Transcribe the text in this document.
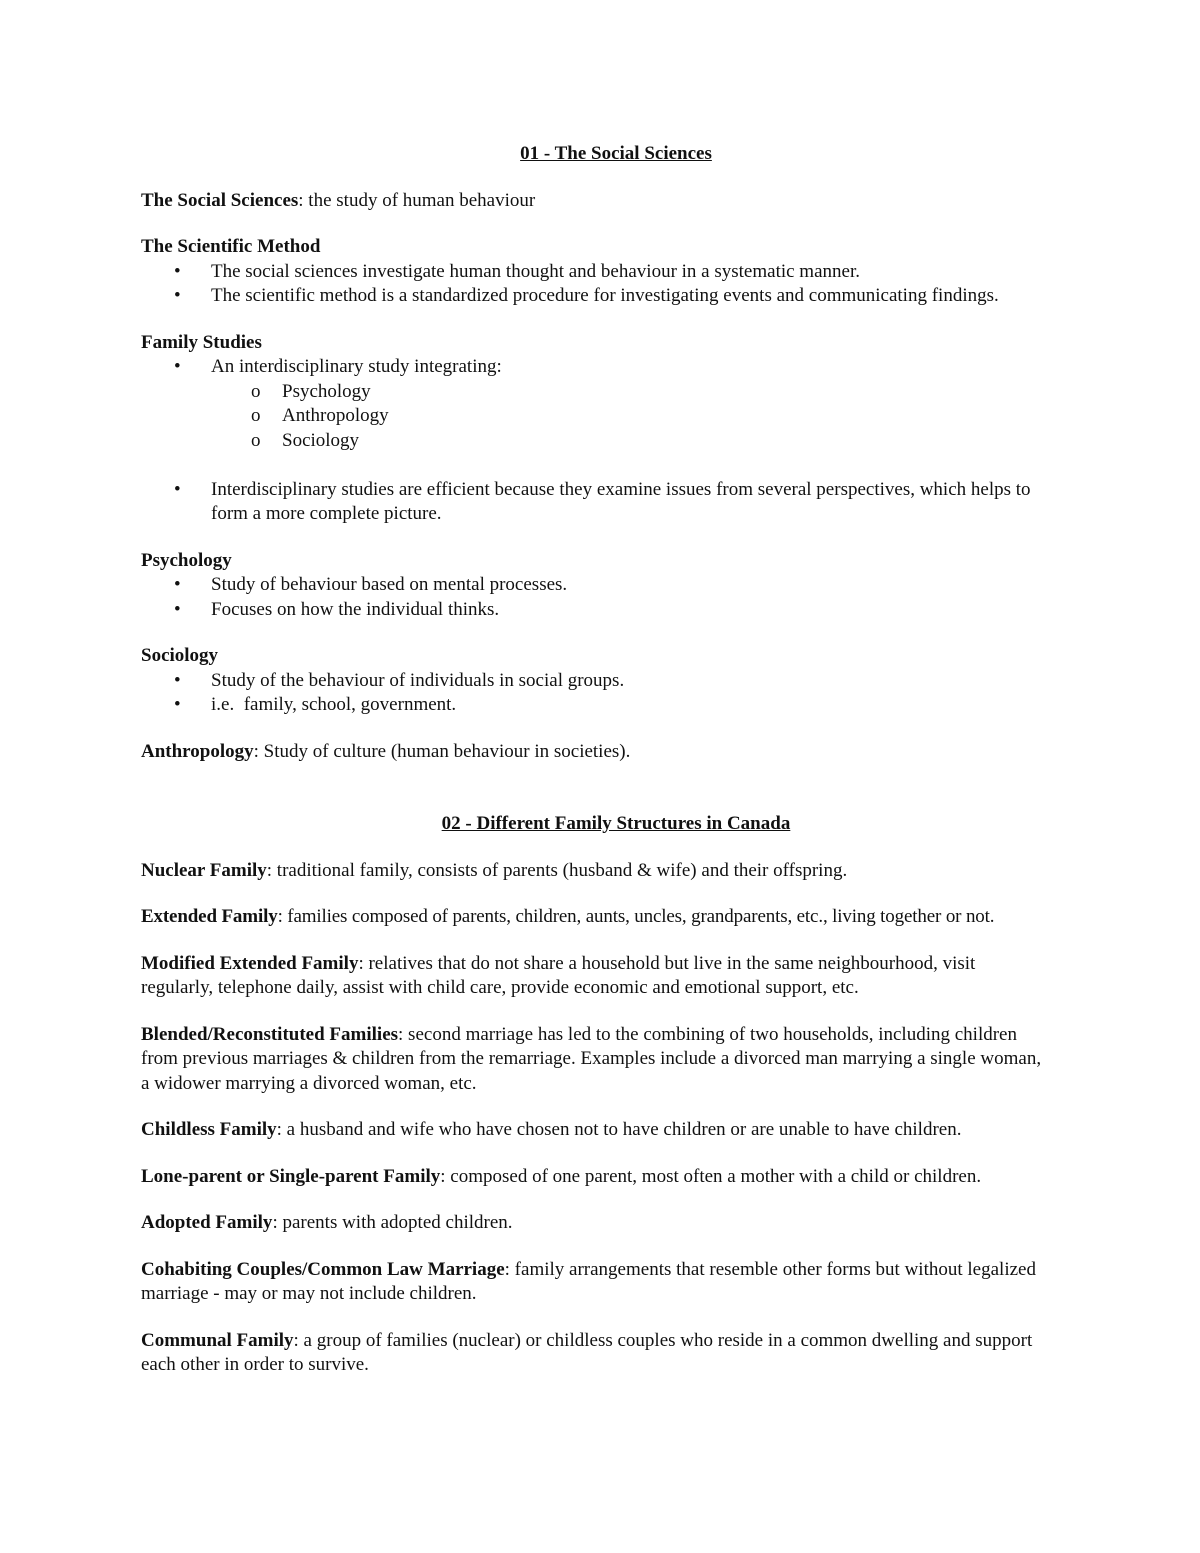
01 - The Social Sciences

The Social Sciences: the study of human behaviour

The Scientific Method

• The social sciences investigate human thought and behaviour in a systematic manner.
• The scientific method is a standardized procedure for investigating events and communicating findings.

Family Studies

• An interdisciplinary study integrating:
o Psychology
o Anthropology
o Sociology
• Interdisciplinary studies are efficient because they examine issues from several perspectives, which helps to form a more complete picture.

Psychology

• Study of behaviour based on mental processes.
• Focuses on how the individual thinks.

Sociology

• Study of the behaviour of individuals in social groups.
• i.e.  family, school, government.

Anthropology: Study of culture (human behaviour in societies).

02 - Different Family Structures in Canada

Nuclear Family: traditional family, consists of parents (husband & wife) and their offspring.

Extended Family: families composed of parents, children, aunts, uncles, grandparents, etc., living together or not.

Modified Extended Family: relatives that do not share a household but live in the same neighbourhood, visit regularly, telephone daily, assist with child care, provide economic and emotional support, etc.

Blended/Reconstituted Families: second marriage has led to the combining of two households, including children from previous marriages & children from the remarriage. Examples include a divorced man marrying a single woman, a widower marrying a divorced woman, etc.

Childless Family: a husband and wife who have chosen not to have children or are unable to have children.

Lone-parent or Single-parent Family: composed of one parent, most often a mother with a child or children.

Adopted Family: parents with adopted children.

Cohabiting Couples/Common Law Marriage: family arrangements that resemble other forms but without legalized marriage - may or may not include children.

Communal Family: a group of families (nuclear) or childless couples who reside in a common dwelling and support each other in order to survive.
